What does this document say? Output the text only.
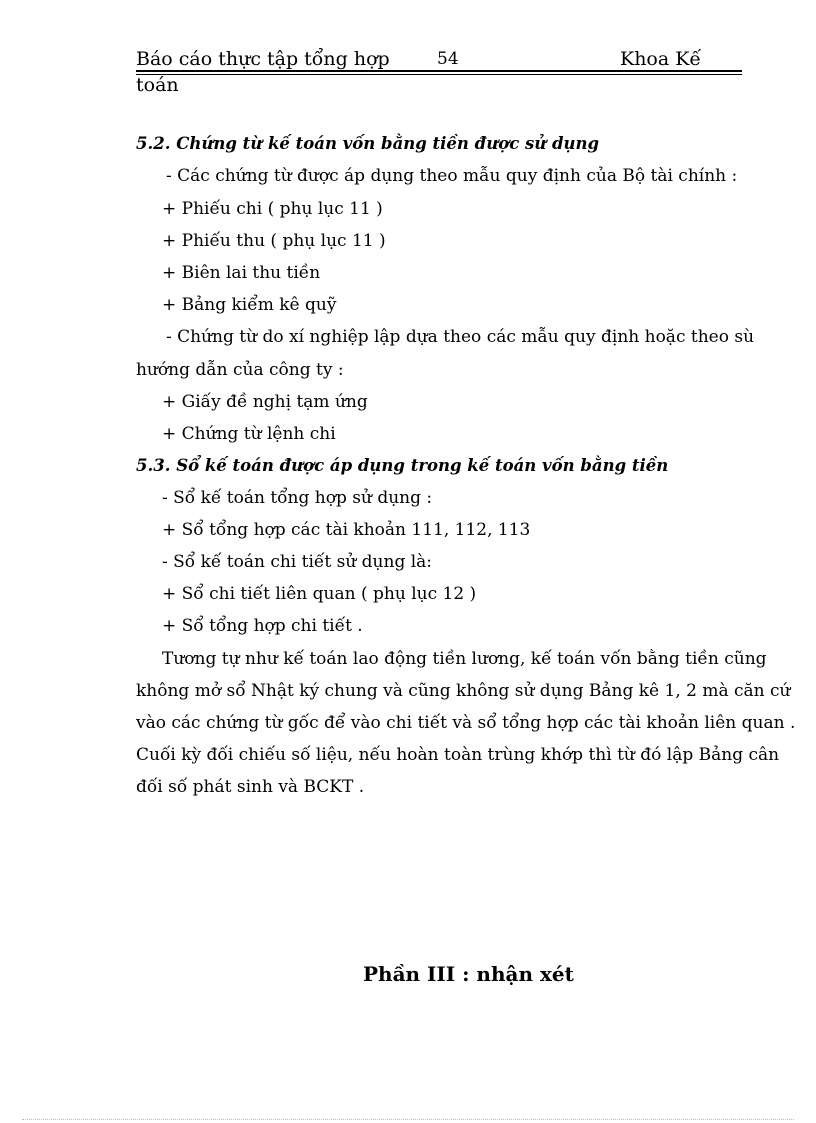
Báo cáo thực tập tổng hợp	54	Khoa Kế
toán
5.2. Chứng từ kế toán vốn bằng tiền được sử dụng
- Các chứng từ được áp dụng theo mẫu quy định của Bộ tài chính :
+ Phiếu chi ( phụ lục 11 )
+ Phiếu thu ( phụ lục 11 )
+ Biên lai thu tiền
+ Bảng kiểm kê quỹ
- Chứng từ do xí nghiệp lập dựa theo các mẫu quy định hoặc theo sù
hướng dẫn của công ty :
+ Giấy đề nghị tạm ứng
+ Chứng từ lệnh chi
5.3. Sổ kế toán được áp dụng trong kế toán vốn bằng tiền
- Sổ kế toán tổng hợp sử dụng :
+ Sổ tổng hợp các tài khoản 111, 112, 113
- Sổ kế toán chi tiết sử dụng là:
+ Sổ chi tiết liên quan ( phụ lục 12 )
+ Sổ tổng hợp chi tiết .
Tương tự như kế toán lao động tiền lương, kế toán vốn bằng tiền cũng
không mở sổ Nhật ký chung và cũng không sử dụng Bảng kê 1, 2 mà căn cứ
vào các chứng từ gốc để vào chi tiết và sổ tổng hợp các tài khoản liên quan .
Cuối kỳ đối chiếu số liệu, nếu hoàn toàn trùng khớp thì từ đó lập Bảng cân
đối số phát sinh và BCKT .
Phần III : nhận xét
